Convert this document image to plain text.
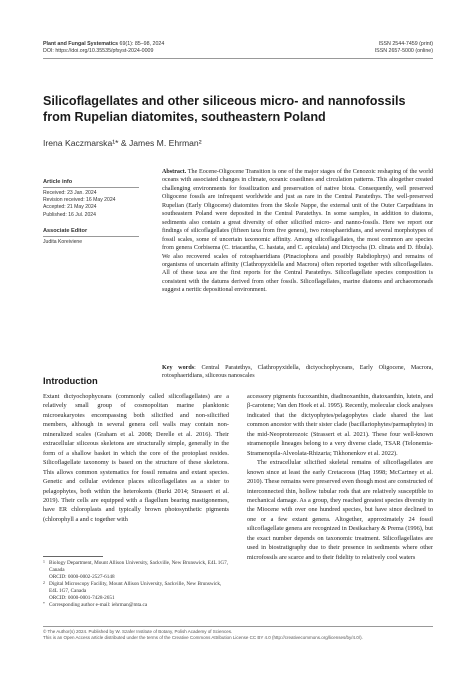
Plant and Fungal Systematics 69(1): 85–98, 2024
DOI: https://doi.org/10.35535/pfsyst-2024-0009
ISSN 2544-7459 (print)
ISSN 2657-5000 (online)
Silicoflagellates and other siliceous micro- and nannofossils from Rupelian diatomites, southeastern Poland
Irena Kaczmarska¹* & James M. Ehrman²
Article info
Received: 23 Jan. 2024
Revision received: 16 May 2024
Accepted: 21 May 2024
Published: 16 Jul. 2024
Associate Editor
Judita Koreiviene
Abstract. The Eocene-Oligocene Transition is one of the major stages of the Cenozoic reshaping of the world oceans with associated changes in climate, oceanic coastlines and circulation patterns. This altogether created challenging environments for fossilization and preservation of native biota. Consequently, well preserved Oligocene fossils are infrequent worldwide and just as rare in the Central Paratethys. The well-preserved Rupelian (Early Oligocene) diatomites from the Skole Nappe, the external unit of the Outer Carpathians in southeastern Poland were deposited in the Central Paratethys. In some samples, in addition to diatoms, sediments also contain a great diversity of other silicified micro- and nanno-fossils. Here we report our findings of silicoflagellates (fifteen taxa from five genera), two rotosphaeridians, and several morphotypes of fossil scales, some of uncertain taxonomic affinity. Among silicoflagellates, the most common are species from genera Corbisema (C. triacantha, C. hastata, and C. apiculata) and Dictyocha (D. clinata and D. fibula). We also recovered scales of rotosphaeridians (Pinaciophora and possibly Rabdiophrys) and remains of organisms of uncertain affinity (Clathropyxidella and Macrora) often reported together with silicoflagellates. All of these taxa are the first reports for the Central Paratethys. Silicoflagellate species composition is consistent with the datums derived from other fossils. Silicoflagellates, marine diatoms and archaeomonads suggest a neritic depositional environment.
Key words: Central Paratethys, Clathropyxidella, dictyochophyceans, Early Oligocene, Macrora, rotosphaeridians, siliceous nanoscales
Introduction

Extant dictyochophyceans (commonly called silicoflagellates) are a relatively small group of cosmopolitan marine planktonic microeukaryotes encompassing both silicified and non-silicified members, although in several genera cell walls may contain non-mineralized scales (Graham et al. 2008; Derelle et al. 2016). Their extracellular siliceous skeletons are structurally simple, generally in the form of a shallow basket in which the core of the protoplast resides. Silicoflagellate taxonomy is based on the structure of these skeletons. This allows common systematics for fossil remains and extant species. Genetic and cellular evidence places silicoflagellates as a sister to pelagophytes, both within the heterokonts (Burki 2014; Strassert et al. 2019). Their cells are equipped with a flagellum bearing mastigonemes, have ER chloroplasts and typically brown photosynthetic pigments (chlorophyll a and c together with

accessory pigments fucoxanthin, diadinoxanthin, diatoxanthin, lutein, and β-carotene; Van den Hoek et al. 1995). Recently, molecular clock analyses indicated that the dictyophytes/pelagophytes clade shared the last common ancestor with their sister clade (bacillariophytes/parmaphytes) in the mid-Neoproterozoic (Strassert et al. 2021). These four well-known stramenopile lineages belong to a very diverse clade, TSAR (Telonemia-Stramenopila-Alveolata-Rhizaria; Tikhonenkov et al. 2022).

The extracellular silicified skeletal remains of silicoflagellates are known since at least the early Cretaceous (Haq 1998; McCartney et al. 2010). These remains were preserved even though most are constructed of interconnected thin, hollow tubular rods that are relatively susceptible to mechanical damage. As a group, they reached greatest species diversity in the Miocene with over one hundred species, but have since declined to one or a few extant genera. Altogether, approximately 24 fossil silicoflagellate genera are recognized in Desikachary & Prema (1996), but the exact number depends on taxonomic treatment. Silicoflagellates are used in biostratigraphy due to their presence in sediments where other microfossils are scarce and to their fidelity to relatively cool waters

1 Biology Department, Mount Allison University, Sackville, New Brunswick, E4L 1G7, Canada
ORCID: 0000-0002-2527-6148
2 Digital Microscopy Facility, Mount Allison University, Sackville, New Brunswick, E4L 1G7, Canada
ORCID: 0000-0001-7428-2651
* Corresponding author e-mail: iehrman@mta.ca
© The Author(s) 2024. Published by W. Szafer Institute of Botany, Polish Academy of Sciences.
This is an Open Access article distributed under the terms of the Creative Commons Attribution License CC BY 4.0 (http://creativecommons.org/licenses/by/4.0/).
